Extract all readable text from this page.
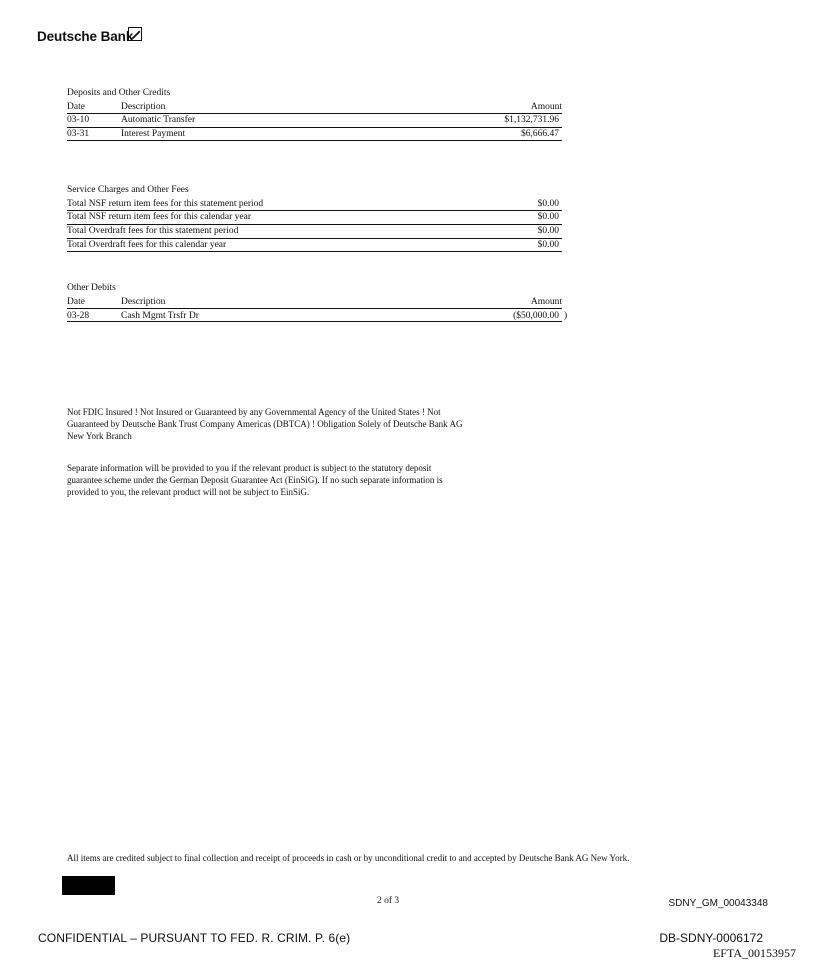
Deutsche Bank
Deposits and Other Credits
Date	Description	Amount
03-10	Automatic Transfer	$1,132,731.96
03-31	Interest Payment	$6,666.47
Service Charges and Other Fees
Total NSF return item fees for this statement period	$0.00
Total NSF return item fees for this calendar year	$0.00
Total Overdraft fees for this statement period	$0.00
Total Overdraft fees for this calendar year	$0.00
Other Debits
Date	Description	Amount
03-28	Cash Mgmt Trsfr Dr	($50,000.00 )
Not FDIC Insured ! Not Insured or Guaranteed by any Governmental Agency of the United States ! Not
Guaranteed by Deutsche Bank Trust Company Americas (DBTCA) ! Obligation Solely of Deutsche Bank AG
New York Branch
Separate information will be provided to you if the relevant product is subject to the statutory deposit
guarantee scheme under the German Deposit Guarantee Act (EinSiG). If no such separate information is
provided to you, the relevant product will not be subject to EinSiG.
All items are credited subject to final collection and receipt of proceeds in cash or by unconditional credit to and accepted by Deutsche Bank AG New York.
2 of 3	SDNY_GM_00043348
CONFIDENTIAL – PURSUANT TO FED. R. CRIM. P. 6(e)	DB-SDNY-0006172
EFTA_00153957
